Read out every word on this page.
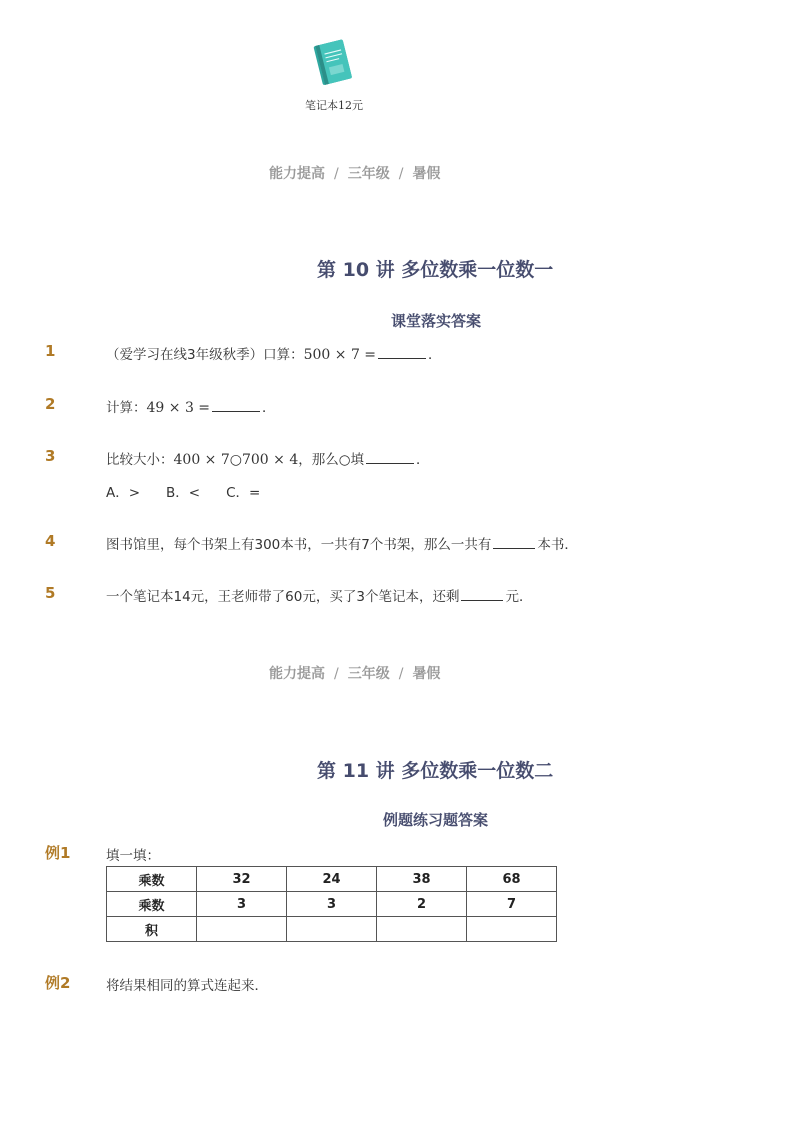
笔记本12元
能力提高 / 三年级 / 暑假
第 10 讲 多位数乘一位数一
课堂落实答案
1	（爱学习在线3年级秋季）口算：500 × 7 =	．
2	计算：49 × 3 =	．
3	比较大小：400 × 7○700 × 4，那么○填	．
A．> B．< C．=
4	图书馆里，每个书架上有300本书，一共有7个书架，那么一共有	本书．
5	一个笔记本14元，王老师带了60元，买了3个笔记本，还剩	元．
能力提高 / 三年级 / 暑假
第 11 讲 多位数乘一位数二
例题练习题答案
例1	填一填：
乘数	32	24	38	68
乘数	3	3	2	7
积				
例2	将结果相同的算式连起来．
